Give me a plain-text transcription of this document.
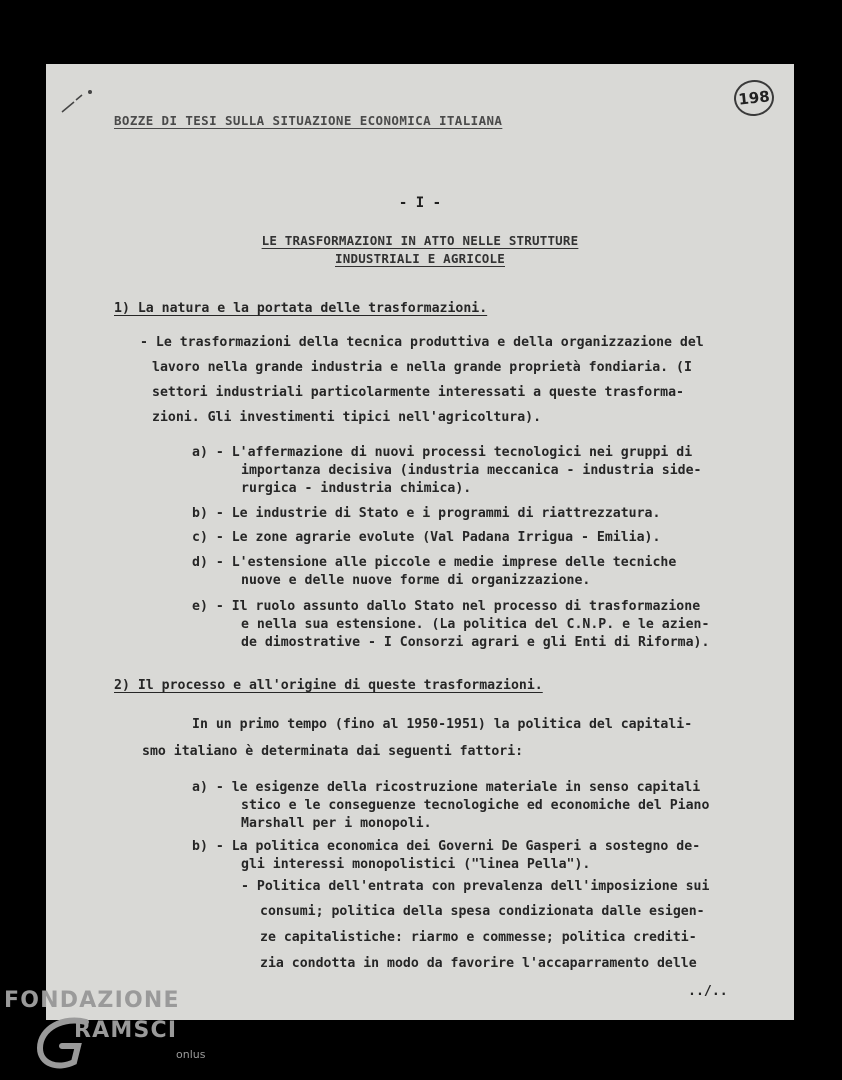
BOZZE DI TESI SULLA SITUAZIONE ECONOMICA ITALIANA
198
- I -
LE TRASFORMAZIONI IN ATTO NELLE STRUTTURE
INDUSTRIALI E AGRICOLE
1) La natura e la portata delle trasformazioni.
- Le trasformazioni della tecnica produttiva e della organizzazione del
lavoro nella grande industria e nella grande proprietà fondiaria. (I
settori industriali particolarmente interessati a queste trasforma-
zioni. Gli investimenti tipici nell'agricoltura).
a) - L'affermazione di nuovi processi tecnologici nei gruppi di
importanza decisiva (industria meccanica - industria side-
rurgica - industria chimica).
b) - Le industrie di Stato e i programmi di riattrezzatura.
c) - Le zone agrarie evolute (Val Padana Irrigua - Emilia).
d) - L'estensione alle piccole e medie imprese delle tecniche
nuove e delle nuove forme di organizzazione.
e) - Il ruolo assunto dallo Stato nel processo di trasformazione
e nella sua estensione. (La politica del C.N.P. e le azien-
de dimostrative - I Consorzi agrari e gli Enti di Riforma).
2) Il processo e all'origine di queste trasformazioni.
In un primo tempo (fino al 1950-1951) la politica del capitali-
smo italiano è determinata dai seguenti fattori:
a) - le esigenze della ricostruzione materiale in senso capitali
stico e le conseguenze tecnologiche ed economiche del Piano
Marshall per i monopoli.
b) - La politica economica dei Governi De Gasperi a sostegno de-
gli interessi monopolistici ("linea Pella").
- Politica dell'entrata con prevalenza dell'imposizione sui
consumi; politica della spesa condizionata dalle esigen-
ze capitalistiche: riarmo e commesse; politica crediti-
zia condotta in modo da favorire l'accaparramento delle
../..
FONDAZIONE
RAMSCI
onlus
